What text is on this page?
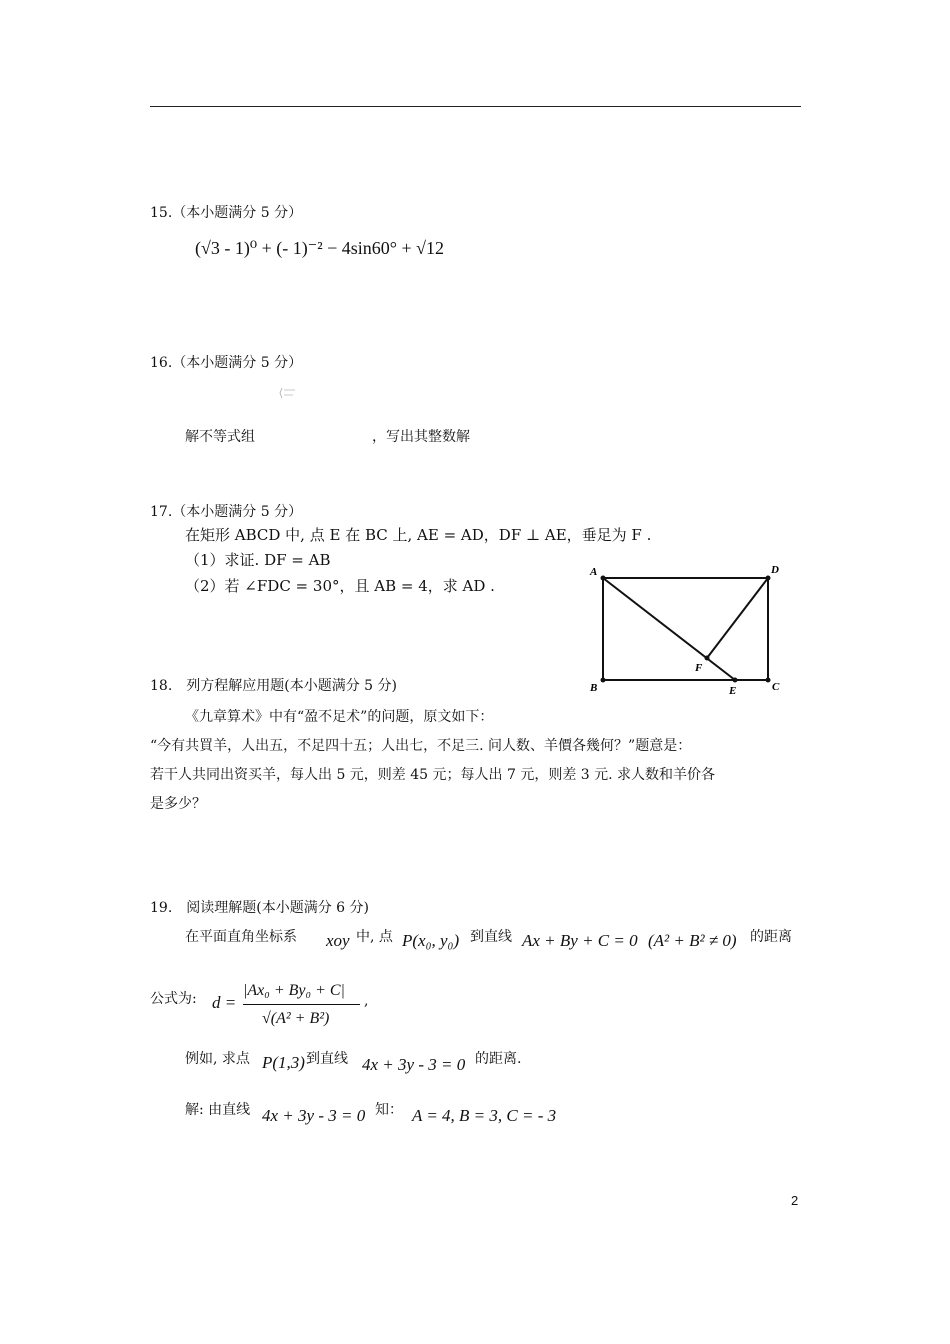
15.（本小题满分 5 分）
(√3 - 1)⁰ + (- 1)⁻² − 4sin60° + √12
16.（本小题满分 5 分）
解不等式组	，写出其整数解
17.（本小题满分 5 分）
在矩形 ABCD 中, 点 E 在 BC 上, AE = AD，DF ⊥ AE，垂足为 F .
（1）求证. DF = AB
（2）若 ∠FDC = 30°，且 AB = 4，求 AD .
A	D
B	C
E
F
18.　列方程解应用题(本小题满分 5 分)
《九章算术》中有“盈不足术”的问题，原文如下：
“今有共買羊，人出五，不足四十五；人出七，不足三. 问人数、羊價各幾何？”题意是：
若干人共同出资买羊，每人出 5 元，则差 45 元；每人出 7 元，则差 3 元. 求人数和羊价各
是多少？
19.　阅读理解题(本小题满分 6 分)
在平面直角坐标系 xoy 中, 点 P(x₀, y₀) 到直线 Ax + By + C = 0 (A² + B² ≠ 0) 的距离
公式为: d =
|Ax₀ + By₀ + C|
√(A² + B²)
,
例如, 求点 P(1,3) 到直线 4x + 3y - 3 = 0 的距离.
解: 由直线 4x + 3y - 3 = 0 知： A = 4, B = 3, C = - 3
2
